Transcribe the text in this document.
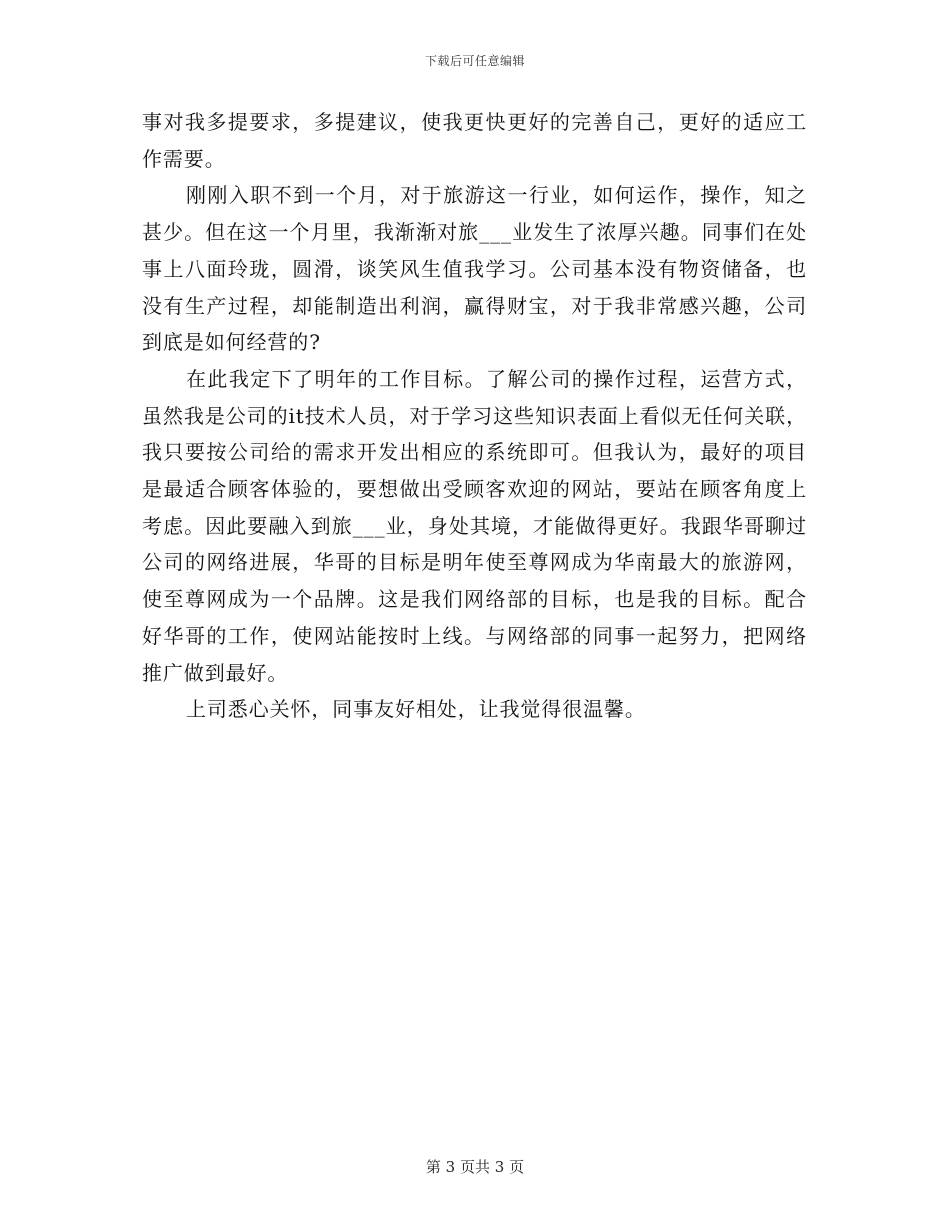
下载后可任意编辑

事对我多提要求，多提建议，使我更快更好的完善自己，更好的适应工作需要。

刚刚入职不到一个月，对于旅游这一行业，如何运作，操作，知之甚少。但在这一个月里，我渐渐对旅___业发生了浓厚兴趣。同事们在处事上八面玲珑，圆滑，谈笑风生值我学习。公司基本没有物资储备，也没有生产过程，却能制造出利润，赢得财宝，对于我非常感兴趣，公司到底是如何经营的?

在此我定下了明年的工作目标。了解公司的操作过程，运营方式，虽然我是公司的it技术人员，对于学习这些知识表面上看似无任何关联，我只要按公司给的需求开发出相应的系统即可。但我认为，最好的项目是最适合顾客体验的，要想做出受顾客欢迎的网站，要站在顾客角度上考虑。因此要融入到旅___业，身处其境，才能做得更好。我跟华哥聊过公司的网络进展，华哥的目标是明年使至尊网成为华南最大的旅游网，使至尊网成为一个品牌。这是我们网络部的目标，也是我的目标。配合好华哥的工作，使网站能按时上线。与网络部的同事一起努力，把网络推广做到最好。

上司悉心关怀，同事友好相处，让我觉得很温馨。

第 3 页共 3 页
